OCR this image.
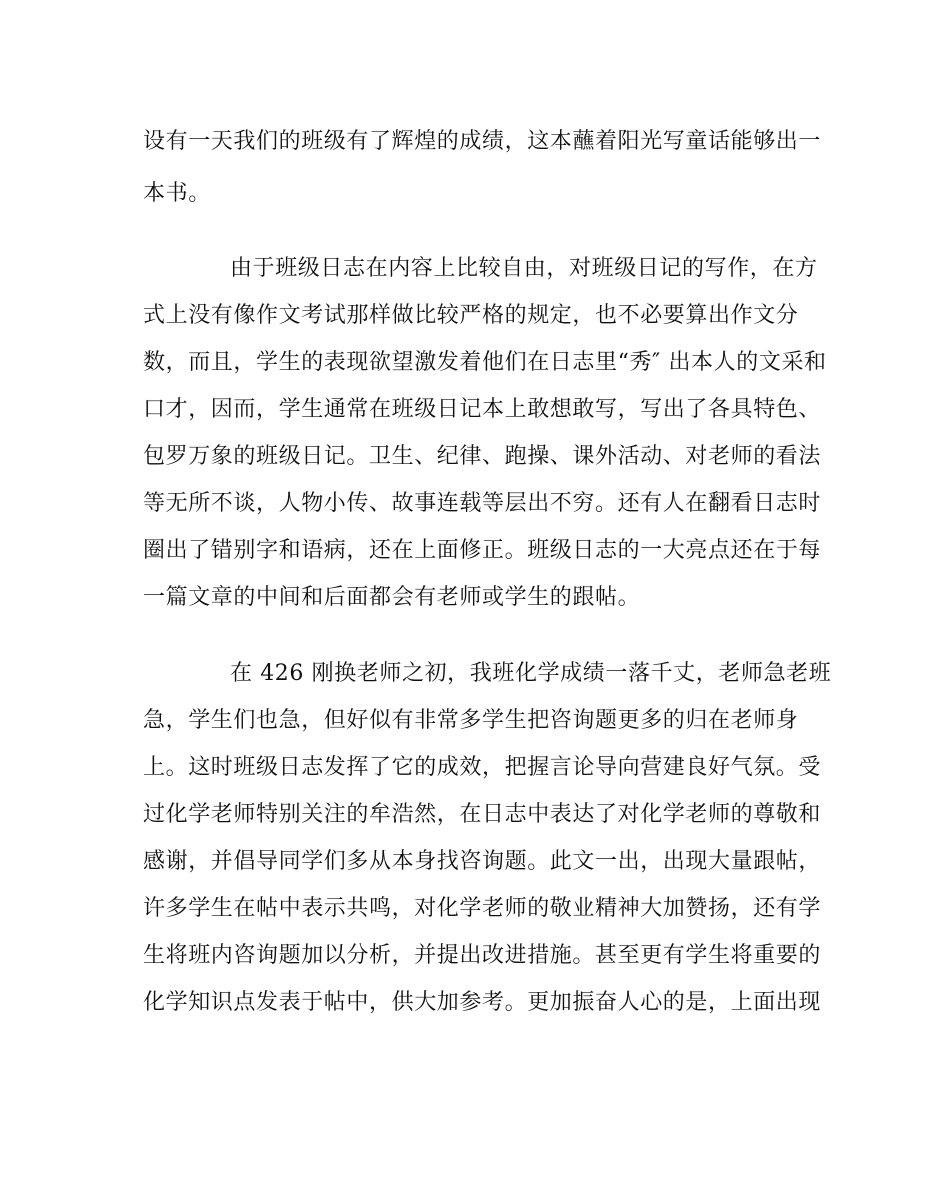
设有一天我们的班级有了辉煌的成绩，这本蘸着阳光写童话能够出一
本书。
由于班级日志在内容上比较自由，对班级日记的写作，在方
式上没有像作文考试那样做比较严格的规定，也不必要算出作文分
数，而且，学生的表现欲望激发着他们在日志里“秀″ 出本人的文采和
口才，因而，学生通常在班级日记本上敢想敢写，写出了各具特色、
包罗万象的班级日记。卫生、纪律、跑操、课外活动、对老师的看法
等无所不谈，人物小传、故事连载等层出不穷。还有人在翻看日志时
圈出了错别字和语病，还在上面修正。班级日志的一大亮点还在于每
一篇文章的中间和后面都会有老师或学生的跟帖。
在 426 刚换老师之初，我班化学成绩一落千丈，老师急老班
急，学生们也急，但好似有非常多学生把咨询题更多的归在老师身
上。这时班级日志发挥了它的成效，把握言论导向营建良好气氛。受
过化学老师特别关注的牟浩然，在日志中表达了对化学老师的尊敬和
感谢，并倡导同学们多从本身找咨询题。此文一出，出现大量跟帖，
许多学生在帖中表示共鸣，对化学老师的敬业精神大加赞扬，还有学
生将班内咨询题加以分析，并提出改进措施。甚至更有学生将重要的
化学知识点发表于帖中，供大加参考。更加振奋人心的是，上面出现
